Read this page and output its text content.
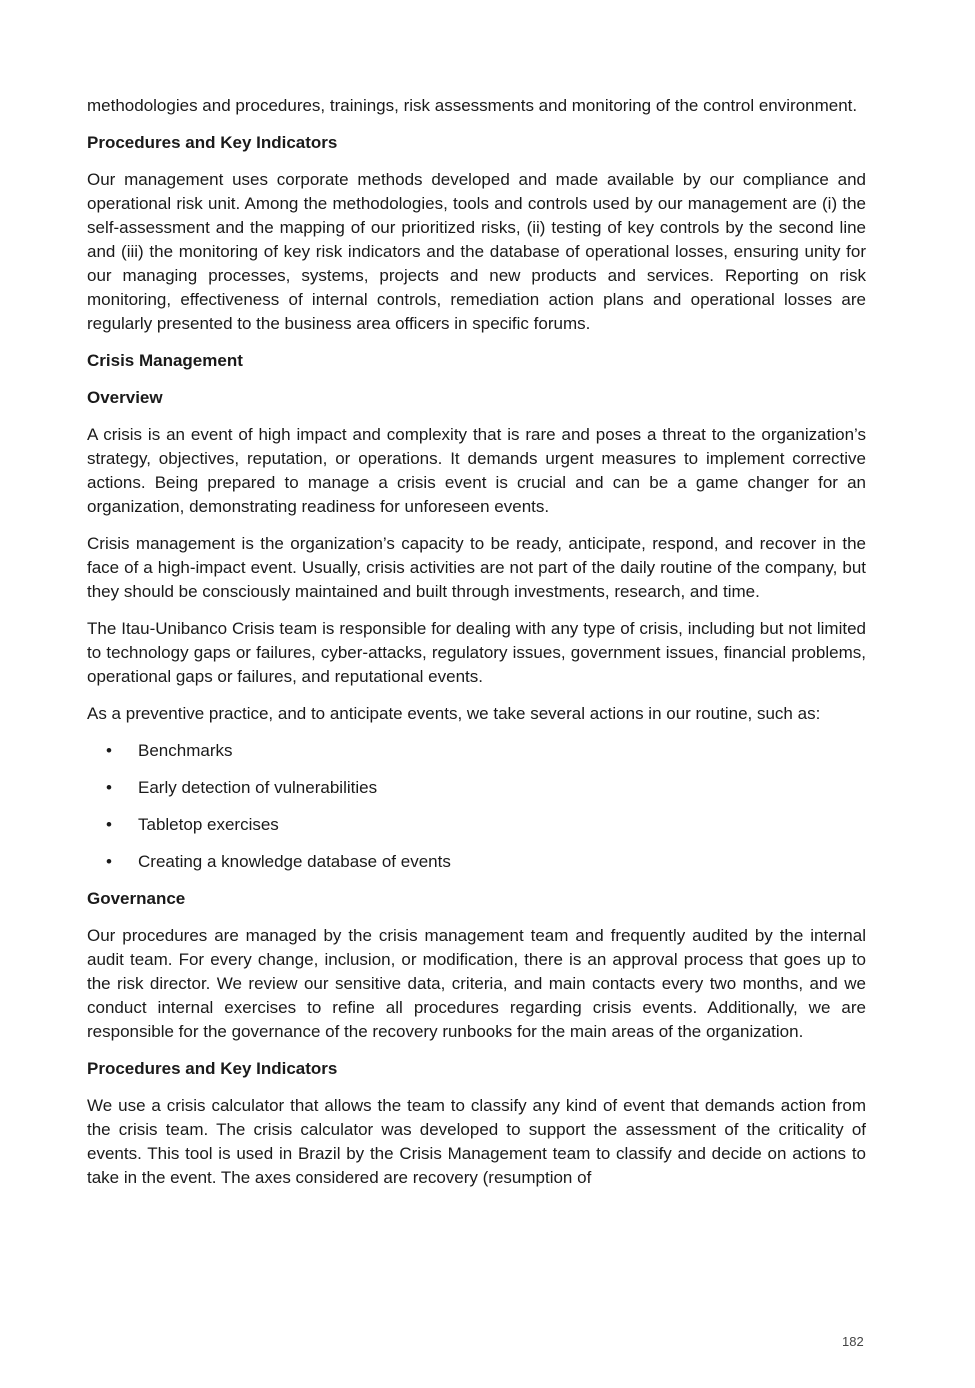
methodologies and procedures, trainings, risk assessments and monitoring of the control environment.

Procedures and Key Indicators

Our management uses corporate methods developed and made available by our compliance and operational risk unit. Among the methodologies, tools and controls used by our management are (i) the self-assessment and the mapping of our prioritized risks, (ii) testing of key controls by the second line and (iii) the monitoring of key risk indicators and the database of operational losses, ensuring unity for our managing processes, systems, projects and new products and services. Reporting on risk monitoring, effectiveness of internal controls, remediation action plans and operational losses are regularly presented to the business area officers in specific forums.

Crisis Management
Overview

A crisis is an event of high impact and complexity that is rare and poses a threat to the organization’s strategy, objectives, reputation, or operations. It demands urgent measures to implement corrective actions. Being prepared to manage a crisis event is crucial and can be a game changer for an organization, demonstrating readiness for unforeseen events.

Crisis management is the organization’s capacity to be ready, anticipate, respond, and recover in the face of a high-impact event. Usually, crisis activities are not part of the daily routine of the company, but they should be consciously maintained and built through investments, research, and time.

The Itau-Unibanco Crisis team is responsible for dealing with any type of crisis, including but not limited to technology gaps or failures, cyber-attacks, regulatory issues, government issues, financial problems, operational gaps or failures, and reputational events.

As a preventive practice, and to anticipate events, we take several actions in our routine, such as:

• Benchmarks
• Early detection of vulnerabilities
• Tabletop exercises
• Creating a knowledge database of events
Governance

Our procedures are managed by the crisis management team and frequently audited by the internal audit team. For every change, inclusion, or modification, there is an approval process that goes up to the risk director. We review our sensitive data, criteria, and main contacts every two months, and we conduct internal exercises to refine all procedures regarding crisis events. Additionally, we are responsible for the governance of the recovery runbooks for the main areas of the organization.

Procedures and Key Indicators

We use a crisis calculator that allows the team to classify any kind of event that demands action from the crisis team. The crisis calculator was developed to support the assessment of the criticality of events. This tool is used in Brazil by the Crisis Management team to classify and decide on actions to take in the event. The axes considered are recovery (resumption of

182
